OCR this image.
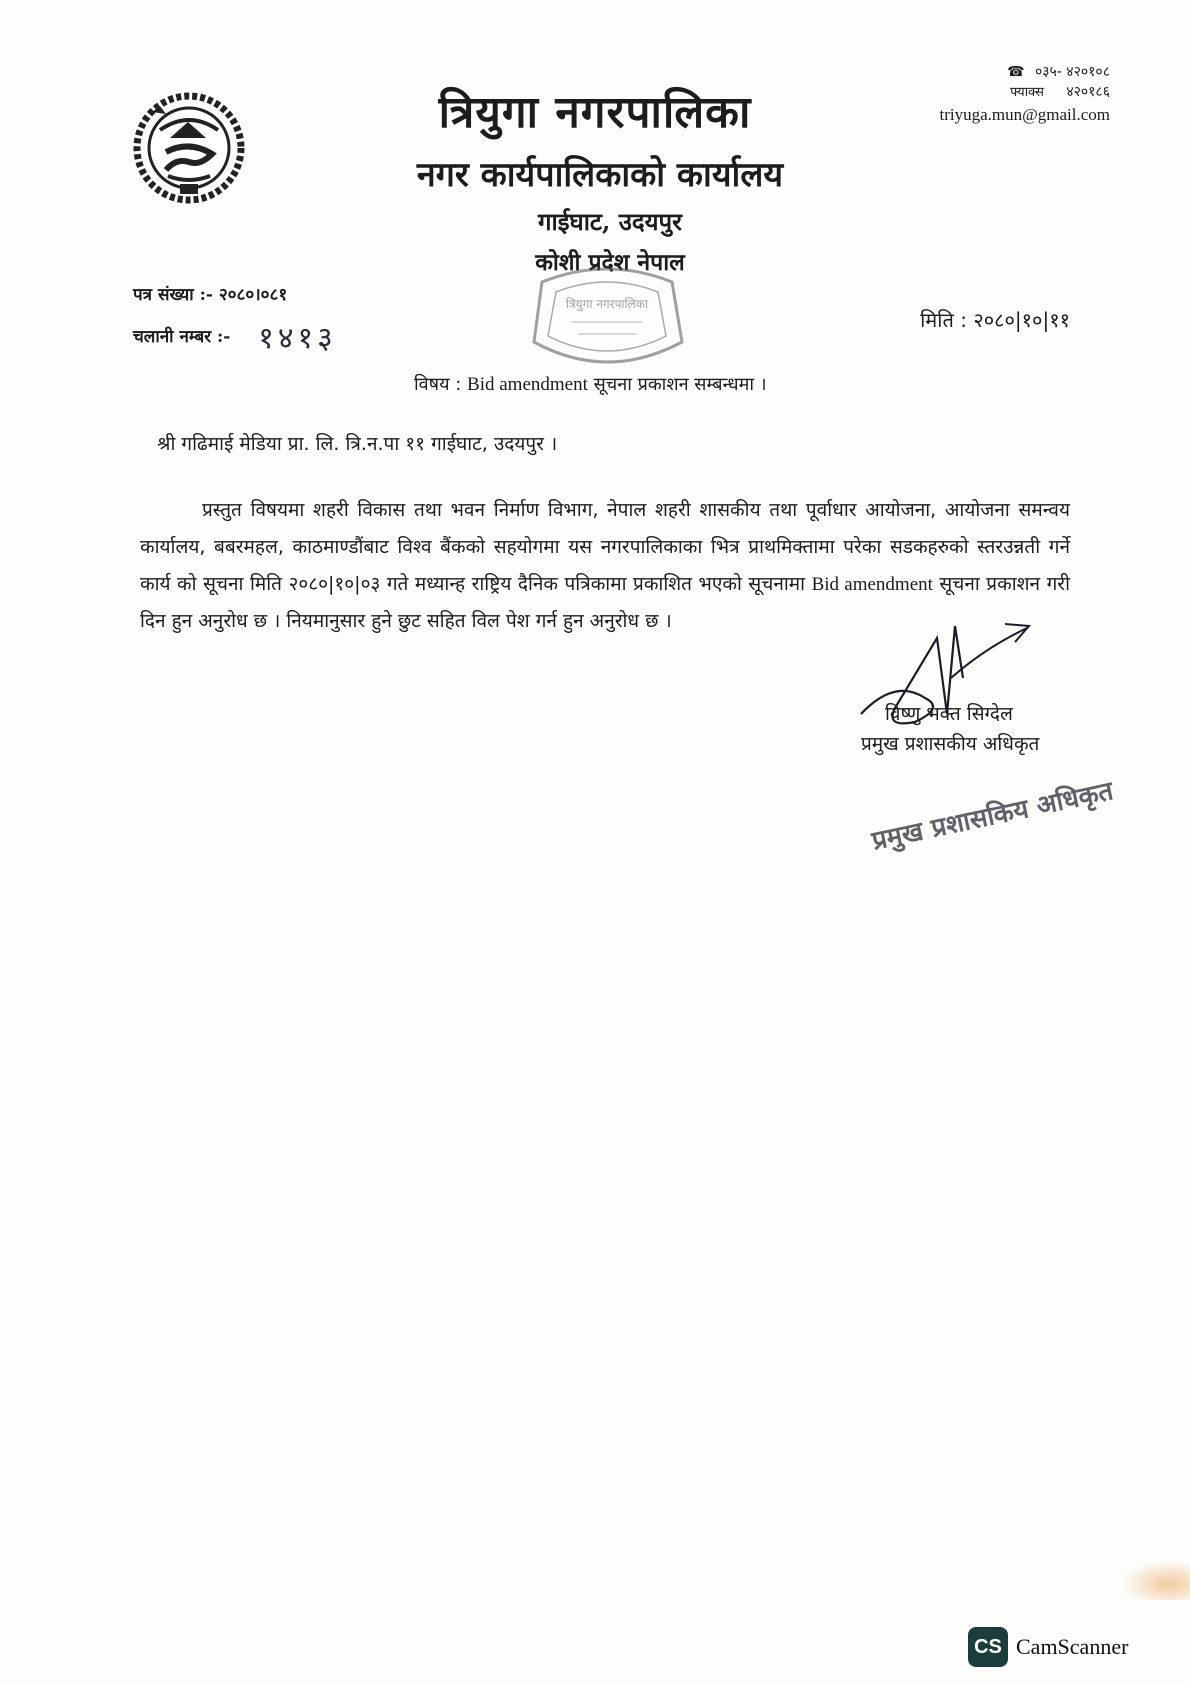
त्रियुगा नगरपालिका
नगर कार्यपालिकाको कार्यालय
गाईघाट, उदयपुर
कोशी प्रदेश नेपाल
☎ ०३५- ४२०१०८
फ्याक्स ४२०१८६
triyuga.mun@gmail.com
पत्र संख्या :- २०८०।०८१
चलानी नम्बर :- १४१३
मिति : २०८०|१०|११
त्रियुगा नगरपालिका
विषय : Bid amendment सूचना प्रकाशन सम्बन्धमा ।
श्री गढिमाई मेडिया प्रा. लि. त्रि.न.पा ११ गाईघाट, उदयपुर ।
प्रस्तुत विषयमा शहरी विकास तथा भवन निर्माण विभाग, नेपाल शहरी शासकीय तथा पूर्वाधार आयोजना, आयोजना समन्वय कार्यालय, बबरमहल, काठमाण्डौंबाट विश्व बैंकको सहयोगमा यस नगरपालिकाका भित्र प्राथमिक्तामा परेका सडकहरुको स्तरउन्नती गर्ने कार्य को सूचना मिति २०८०|१०|०३ गते मध्यान्ह राष्ट्रिय दैनिक पत्रिकामा प्रकाशित भएको सूचनामा Bid amendment सूचना प्रकाशन गरी दिन हुन अनुरोध छ । नियमानुसार हुने छुट सहित विल पेश गर्न हुन अनुरोध छ ।
विष्णु भक्त सिग्देल
प्रमुख प्रशासकीय अधिकृत
प्रमुख प्रशासकिय अधिकृत
CS CamScanner
